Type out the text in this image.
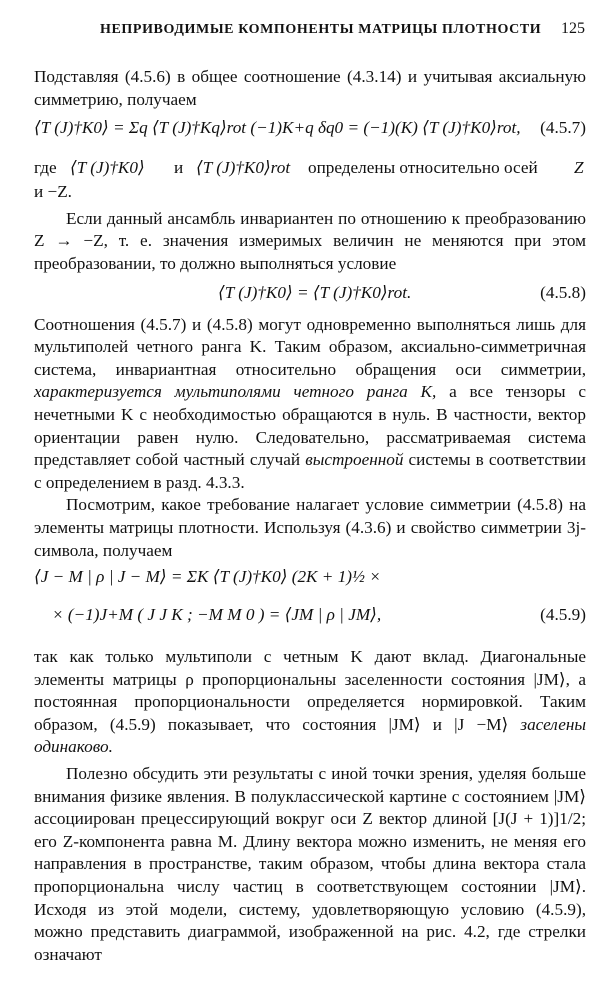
НЕПРИВОДИМЫЕ КОМПОНЕНТЫ МАТРИЦЫ ПЛОТНОСТИ 125

Подставляя (4.5.6) в общее соотношение (4.3.14) и учитывая аксиальную симметрию, получаем

⟨T (J)†K0⟩ = Σq ⟨T (J)†Kq⟩rot (−1)K+q δq0 = (−1)(K) ⟨T (J)†K0⟩rot, (4.5.7)
где ⟨T (J)†K0⟩ и ⟨T (J)†K0⟩rot определены относительно осей Z

и −Z.

Если данный ансамбль инвариантен по отношению к преобразованию Z → −Z, т. е. значения измеримых величин не меняются при этом преобразовании, то должно выполняться условие

⟨T (J)†K0⟩ = ⟨T (J)†K0⟩rot.	(4.5.8)

Соотношения (4.5.7) и (4.5.8) могут одновременно выполняться лишь для мультиполей четного ранга K. Таким образом, аксиально-симметричная система, инвариантная относительно обращения оси симметрии, характеризуется мультиполями четного ранга K, а все тензоры с нечетными K с необходимостью обращаются в нуль. В частности, вектор ориентации равен нулю. Следовательно, рассматриваемая система представляет собой частный случай выстроенной системы в соответствии с определением в разд. 4.3.3.

Посмотрим, какое требование налагает условие симметрии (4.5.8) на элементы матрицы плотности. Используя (4.3.6) и свойство симметрии 3j-символа, получаем

⟨J − M | ρ | J − M⟩ = ΣK ⟨T (J)†K0⟩ (2K + 1)½ ×
× (−1)J+M ( J J K ; −M M 0 ) = ⟨JM | ρ | JM⟩,	(4.5.9)

так как только мультиполи с четным K дают вклад. Диагональные элементы матрицы ρ пропорциональны заселенности состояния |JM⟩, а постоянная пропорциональности определяется нормировкой. Таким образом, (4.5.9) показывает, что состояния |JM⟩ и |J −M⟩ заселены одинаково.

Полезно обсудить эти результаты с иной точки зрения, уделяя больше внимания физике явления. В полуклассической картине с состоянием |JM⟩ ассоциирован прецессирующий вокруг оси Z вектор длиной [J(J + 1)]1/2; его Z-компонента равна M. Длину вектора можно изменить, не меняя его направления в пространстве, таким образом, чтобы длина вектора стала пропорциональна числу частиц в соответствующем состоянии |JM⟩. Исходя из этой модели, систему, удовлетворяющую условию (4.5.9), можно представить диаграммой, изображенной на рис. 4.2, где стрелки означают
